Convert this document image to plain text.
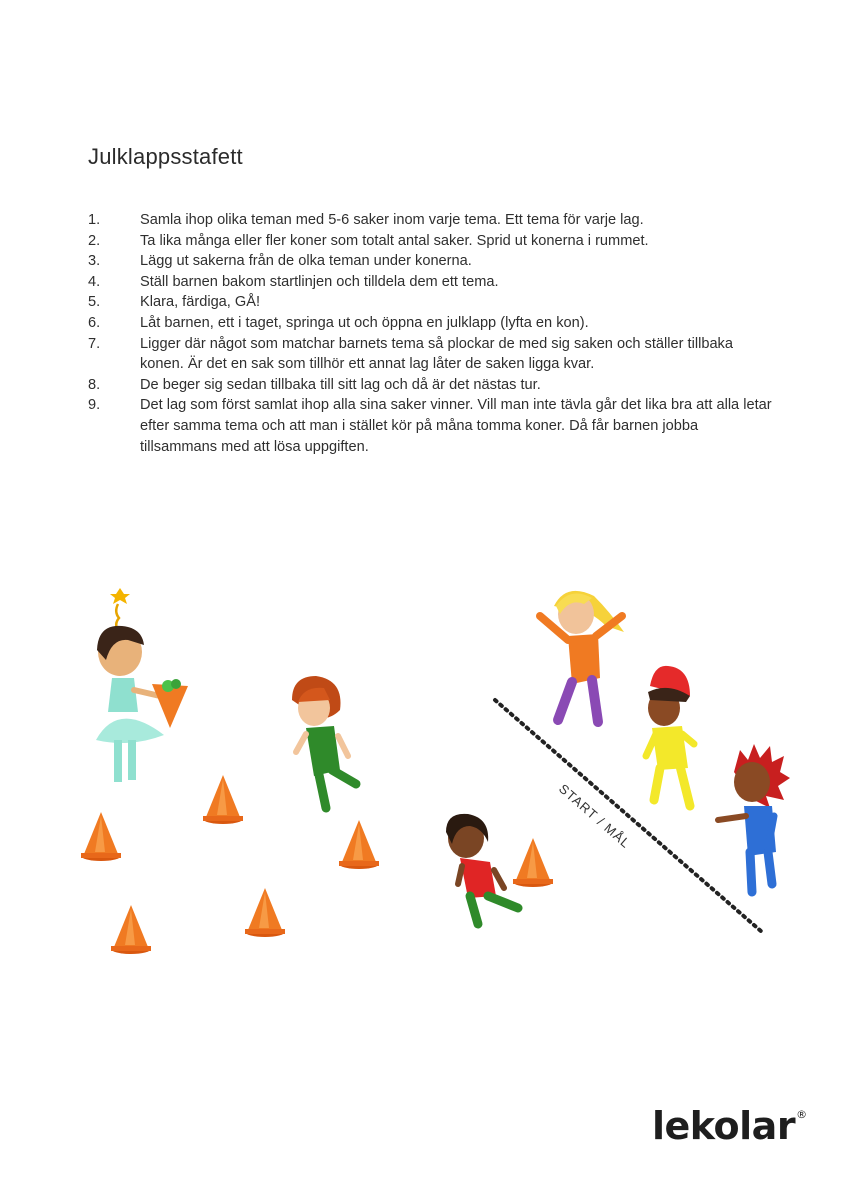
Julklappsstafett
1.	Samla ihop olika teman med 5-6 saker inom varje tema. Ett tema för varje lag.
2.	Ta lika många eller fler koner som totalt antal saker. Sprid ut konerna i rummet.
3.	Lägg ut sakerna från de olka teman under konerna.
4.	Ställ barnen bakom startlinjen och tilldela dem ett tema.
5.	Klara, färdiga, GÅ!
6.	Låt barnen, ett i taget, springa ut och öppna en julklapp (lyfta en kon).
7.	Ligger där något som matchar barnets tema så plockar de med sig saken och ställer tillbaka konen. Är det en sak som tillhör ett annat lag låter de saken ligga kvar.
8.	De beger sig sedan tillbaka till sitt lag och då är det nästas tur.
9.	Det lag som först samlat ihop alla sina saker vinner. Vill man inte tävla går det lika bra att alla letar efter samma tema och att man i stället kör på måna tomma koner. Då får barnen jobba tillsammans med att lösa uppgiften.
START / MÅL
lekolar®
